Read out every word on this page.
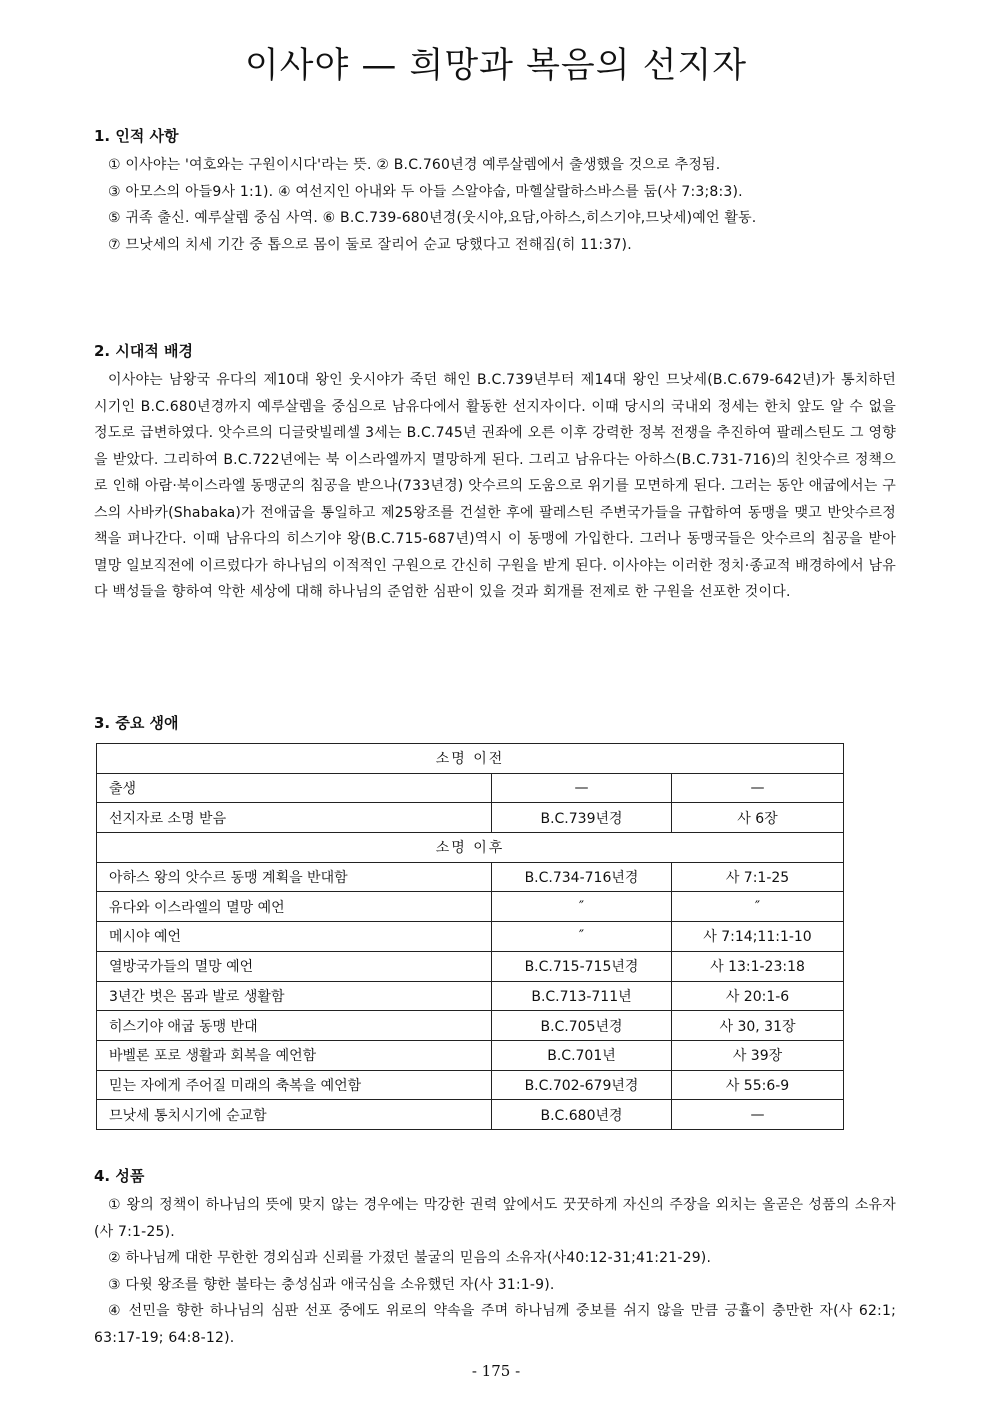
이사야 — 희망과 복음의 선지자

1. 인적 사항

① 이사야는 '여호와는 구원이시다'라는 뜻. ② B.C.760년경 예루살렘에서 출생했을 것으로 추정됨.

③ 아모스의 아들9사 1:1). ④ 여선지인 아내와 두 아들 스알야숩, 마헬살랄하스바스를 둠(사 7:3;8:3).

⑤ 귀족 출신. 예루살렘 중심 사역. ⑥ B.C.739-680년경(웃시야,요담,아하스,히스기야,므낫세)예언 활동.

⑦ 므낫세의 치세 기간 중 톱으로 몸이 둘로 잘리어 순교 당했다고 전해짐(히 11:37).

2. 시대적 배경

이사야는 남왕국 유다의 제10대 왕인 웃시야가 죽던 해인 B.C.739년부터 제14대 왕인 므낫세(B.C.679-642년)가 통치하던 시기인 B.C.680년경까지 예루살렘을 중심으로 남유다에서 활동한 선지자이다. 이때 당시의 국내외 정세는 한치 앞도 알 수 없을 정도로 급변하였다. 앗수르의 디글랏빌레셀 3세는 B.C.745년 권좌에 오른 이후 강력한 정복 전쟁을 추진하여 팔레스틴도 그 영향을 받았다. 그리하여 B.C.722년에는 북 이스라엘까지 멸망하게 된다. 그리고 남유다는 아하스(B.C.731-716)의 친앗수르 정책으로 인해 아람·북이스라엘 동맹군의 침공을 받으나(733년경) 앗수르의 도움으로 위기를 모면하게 된다. 그러는 동안 애굽에서는 구스의 사바카(Shabaka)가 전애굽을 통일하고 제25왕조를 건설한 후에 팔레스틴 주변국가들을 규합하여 동맹을 맺고 반앗수르정책을 펴나간다. 이때 남유다의 히스기야 왕(B.C.715-687년)역시 이 동맹에 가입한다. 그러나 동맹국들은 앗수르의 침공을 받아 멸망 일보직전에 이르렀다가 하나님의 이적적인 구원으로 간신히 구원을 받게 된다. 이사야는 이러한 정치·종교적 배경하에서 남유다 백성들을 향하여 악한 세상에 대해 하나님의 준엄한 심판이 있을 것과 회개를 전제로 한 구원을 선포한 것이다.

3. 중요 생애

소명 이전		
출생	—	—
선지자로 소명 받음	B.C.739년경	사 6장
소명 이후		
아하스 왕의 앗수르 동맹 계획을 반대함	B.C.734-716년경	사 7:1-25
유다와 이스라엘의 멸망 예언	″	″
메시야 예언	″	사 7:14;11:1-10
열방국가들의 멸망 예언	B.C.715-715년경	사 13:1-23:18
3년간 벗은 몸과 발로 생활함	B.C.713-711년	사 20:1-6
히스기야 애굽 동맹 반대	B.C.705년경	사 30, 31장
바벨론 포로 생활과 회복을 예언함	B.C.701년	사 39장
믿는 자에게 주어질 미래의 축복을 예언함	B.C.702-679년경	사 55:6-9
므낫세 통치시기에 순교함	B.C.680년경	—

4. 성품

① 왕의 정책이 하나님의 뜻에 맞지 않는 경우에는 막강한 권력 앞에서도 꿋꿋하게 자신의 주장을 외치는 올곧은 성품의 소유자(사 7:1-25).

② 하나님께 대한 무한한 경외심과 신뢰를 가졌던 불굴의 믿음의 소유자(사40:12-31;41:21-29).

③ 다윗 왕조를 향한 불타는 충성심과 애국심을 소유했던 자(사 31:1-9).

④ 선민을 향한 하나님의 심판 선포 중에도 위로의 약속을 주며 하나님께 중보를 쉬지 않을 만큼 긍휼이 충만한 자(사 62:1; 63:17-19; 64:8-12).

- 175 -
